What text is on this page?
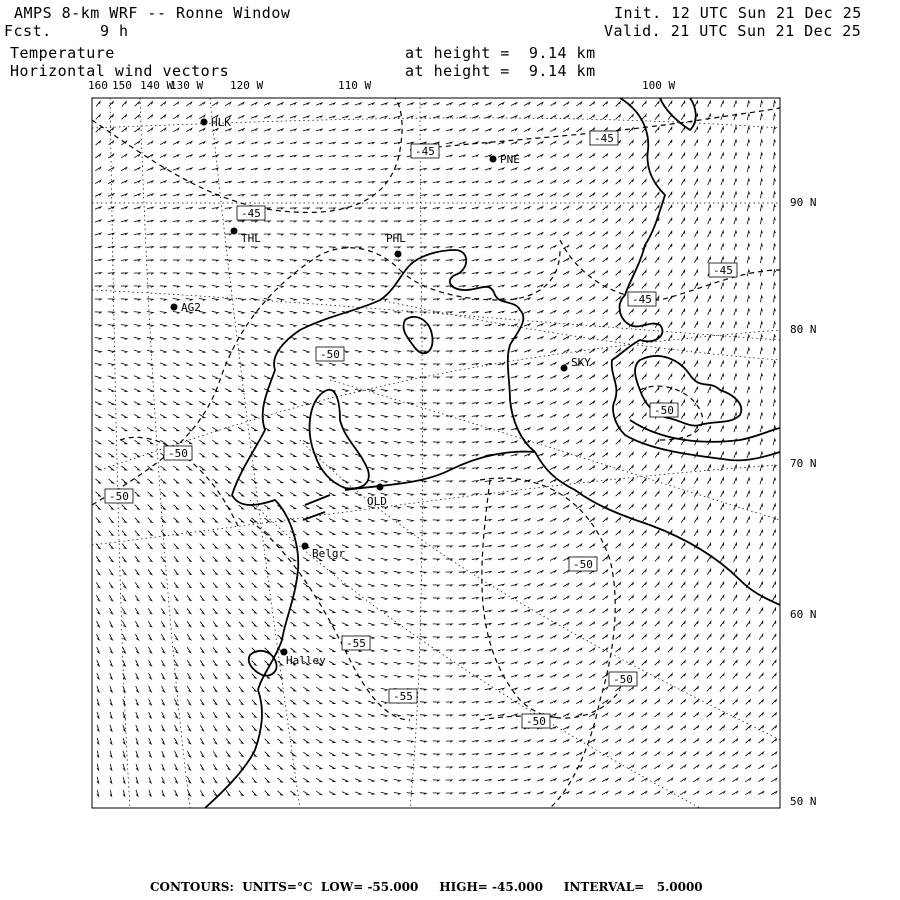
AMPS 8-km WRF -- Ronne Window
Fcst.	9 h
Temperature
Horizontal wind vectors
at height =  9.14 km
at height =  9.14 km
Init. 12 UTC Sun 21 Dec 25
Valid. 21 UTC Sun 21 Dec 25
160 150 140 W
130 W 120 W	110 W	100 W
90 N
80 N
70 N
60 N
50 N
HLK
PNE
THL	PHL
AG2
SKY
OLD
Belgr
Halley
-45
-45
-45
-45
-45
-50
-50
-50
-50
-50
-55
-55
-50
-50
CONTOURS:  UNITS=°C  LOW= -55.000     HIGH= -45.000     INTERVAL=   5.0000
